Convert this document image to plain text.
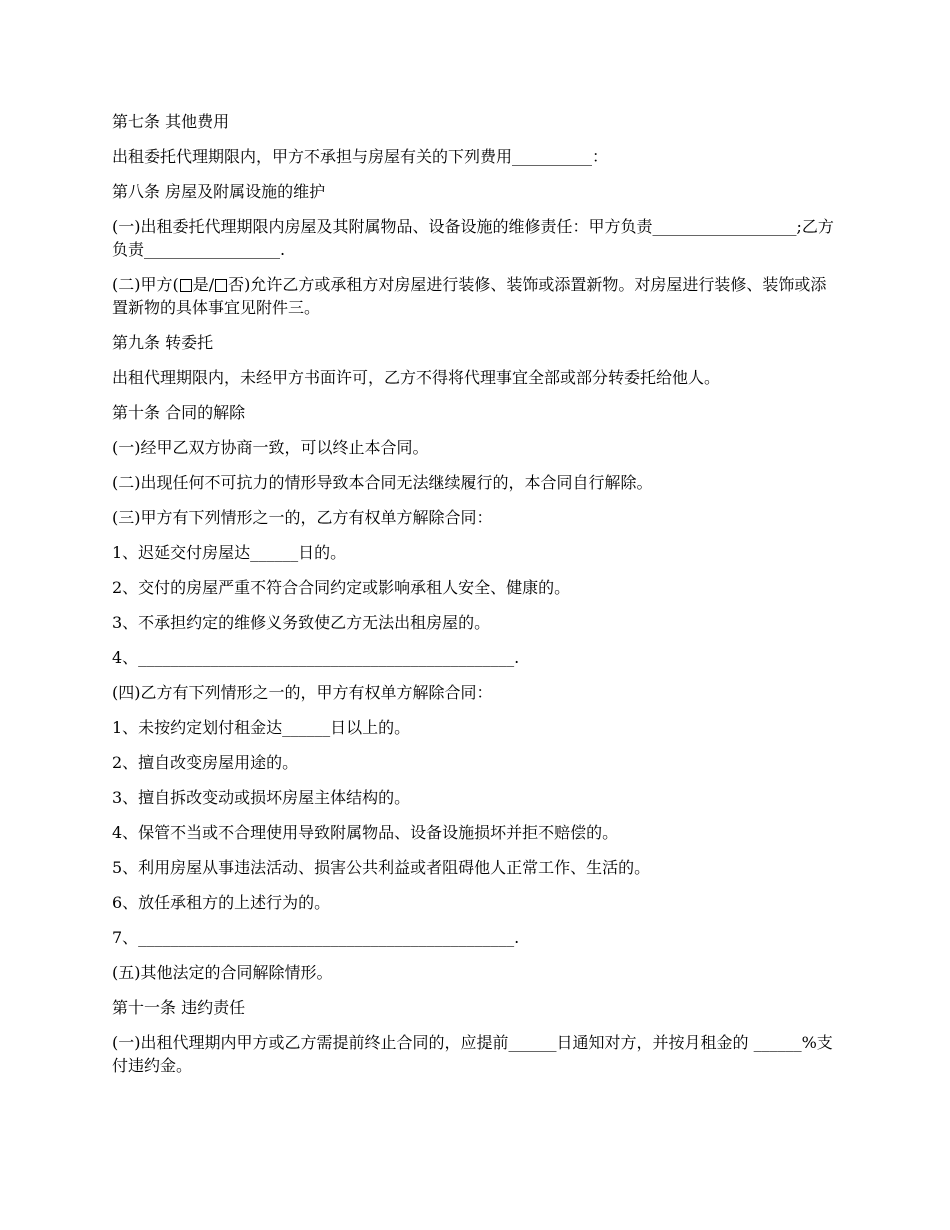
第七条 其他费用

出租委托代理期限内，甲方不承担与房屋有关的下列费用__________：

第八条 房屋及附属设施的维护

(一)出租委托代理期限内房屋及其附属物品、设备设施的维修责任：甲方负责__________________;乙方负责_________________.

(二)甲方( 是/ 否)允许乙方或承租方对房屋进行装修、装饰或添置新物。对房屋进行装修、装饰或添置新物的具体事宜见附件三。

第九条 转委托

出租代理期限内，未经甲方书面许可，乙方不得将代理事宜全部或部分转委托给他人。

第十条 合同的解除

(一)经甲乙双方协商一致，可以终止本合同。

(二)出现任何不可抗力的情形导致本合同无法继续履行的，本合同自行解除。

(三)甲方有下列情形之一的，乙方有权单方解除合同：

1、迟延交付房屋达______日的。

2、交付的房屋严重不符合合同约定或影响承租人安全、健康的。

3、不承担约定的维修义务致使乙方无法出租房屋的。

4、_______________________________________________.

(四)乙方有下列情形之一的，甲方有权单方解除合同：

1、未按约定划付租金达______日以上的。

2、擅自改变房屋用途的。

3、擅自拆改变动或损坏房屋主体结构的。

4、保管不当或不合理使用导致附属物品、设备设施损坏并拒不赔偿的。

5、利用房屋从事违法活动、损害公共利益或者阻碍他人正常工作、生活的。

6、放任承租方的上述行为的。

7、_______________________________________________.

(五)其他法定的合同解除情形。

第十一条 违约责任

(一)出租代理期内甲方或乙方需提前终止合同的，应提前______日通知对方，并按月租金的 ______%支付违约金。
